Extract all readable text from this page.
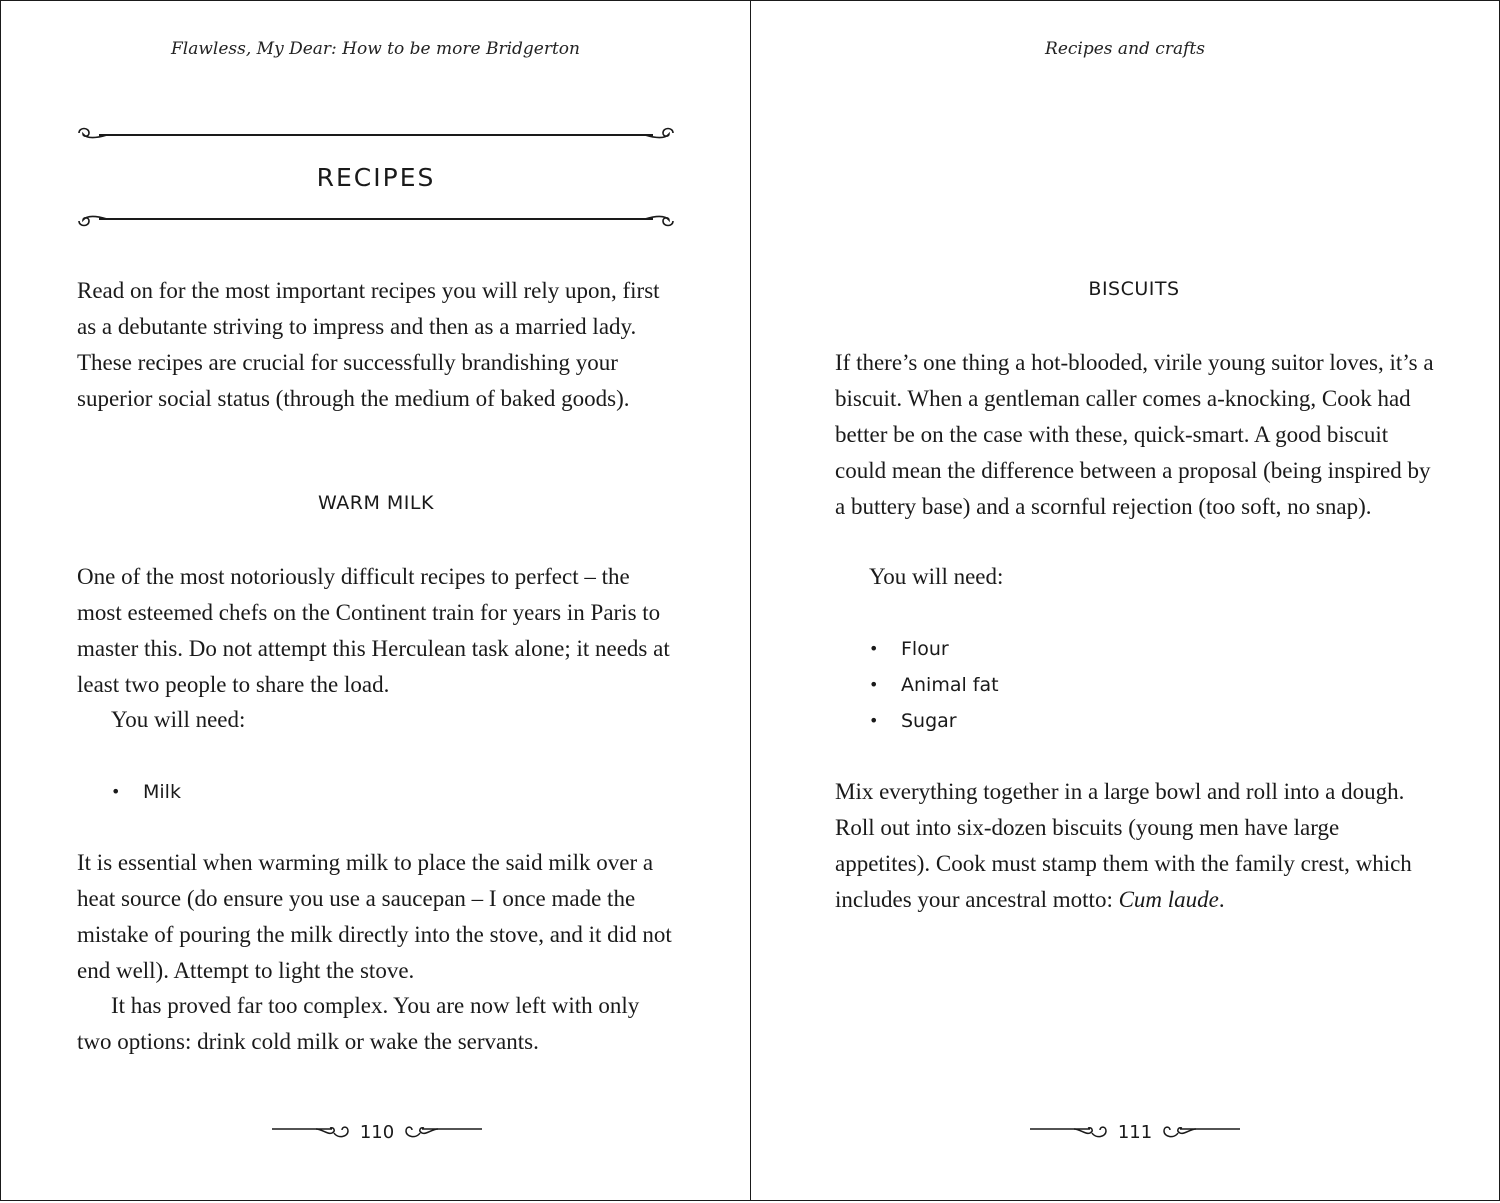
Flawless, My Dear: How to be more Bridgerton
RECIPES

Read on for the most important recipes you will rely upon, first as a debutante striving to impress and then as a married lady. These recipes are crucial for successfully brandishing your superior social status (through the medium of baked goods).

WARM MILK

One of the most notoriously difficult recipes to perfect – the most esteemed chefs on the Continent train for years in Paris to master this. Do not attempt this Herculean task alone; it needs at least two people to share the load.

You will need:

• Milk

It is essential when warming milk to place the said milk over a heat source (do ensure you use a saucepan – I once made the mistake of pouring the milk directly into the stove, and it did not end well). Attempt to light the stove.

It has proved far too complex. You are now left with only two options: drink cold milk or wake the servants.

110
Recipes and crafts
BISCUITS

If there’s one thing a hot-blooded, virile young suitor loves, it’s a biscuit. When a gentleman caller comes a-knocking, Cook had better be on the case with these, quick-smart. A good biscuit could mean the difference between a proposal (being inspired by a buttery base) and a scornful rejection (too soft, no snap).

You will need:

• Flour
• Animal fat
• Sugar

Mix everything together in a large bowl and roll into a dough. Roll out into six-dozen biscuits (young men have large appetites). Cook must stamp them with the family crest, which includes your ancestral motto: Cum laude.

111
